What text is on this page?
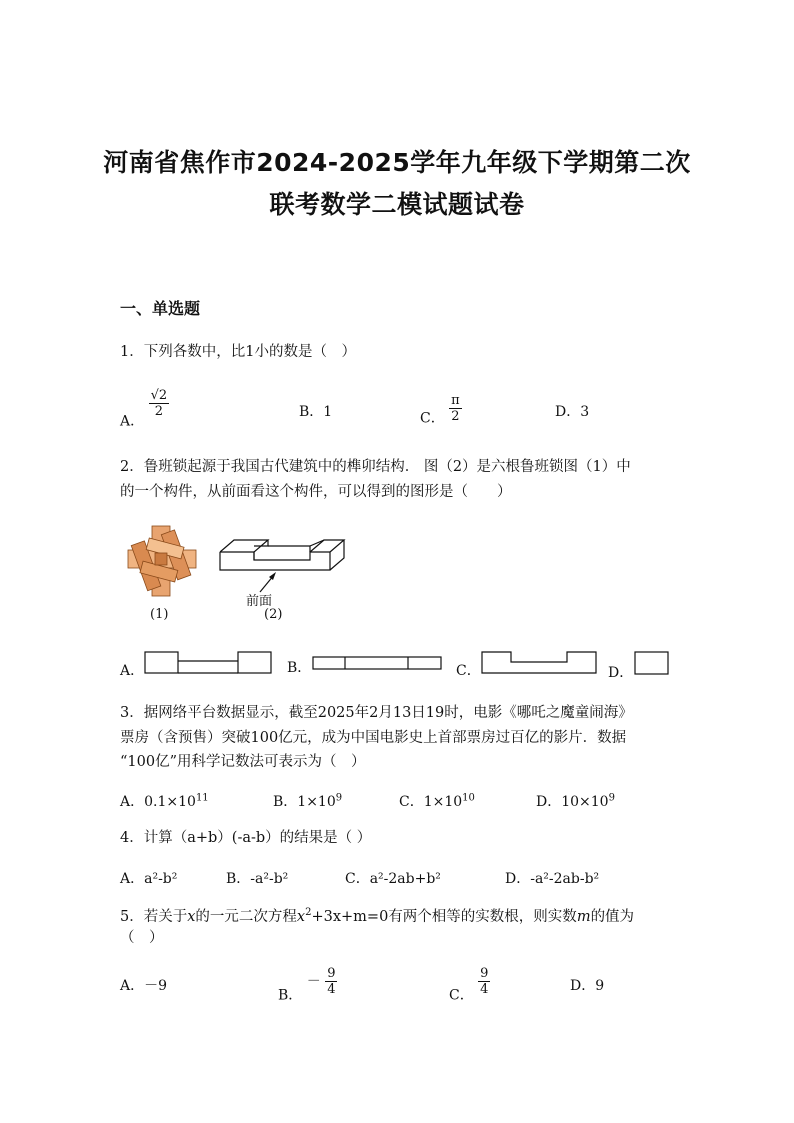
河南省焦作市2024-2025学年九年级下学期第二次
联考数学二模试题试卷
一、单选题
1．下列各数中，比1小的数是（　）
A．
$\frac{√2}{2}$	B．1	C． $\frac{\pi}{2}$	D．3
2．鲁班锁起源于我国古代建筑中的榫卯结构． 图（2）是六根鲁班锁图（1）中
的一个构件，从前面看这个构件，可以得到的图形是（　　）
(1)
前面
(2)
A．	B．	C．	D．
3．据网络平台数据显示，截至2025年2月13日19时，电影《哪吒之魔童闹海》
票房（含预售）突破100亿元，成为中国电影史上首部票房过百亿的影片．数据
“100亿”用科学记数法可表示为（　）
A．$0.1\times 10^{11}$	B．$1\times 10^9$	C．$1\times 10^{10}$	D．$10\times 10^9$
4．计算（a+b）(-a-b）的结果是（ ）
A．a²-b²	B．-a²-b²	C．a²-2ab+b²	D．-a²-2ab-b²
5．若关于x的一元二次方程$x^2+3x+m=0$有两个相等的实数根，则实数m的值为
（　）
A．－9
B． － $\frac{9}{4}$	C． $\frac{9}{4}$	D．9
